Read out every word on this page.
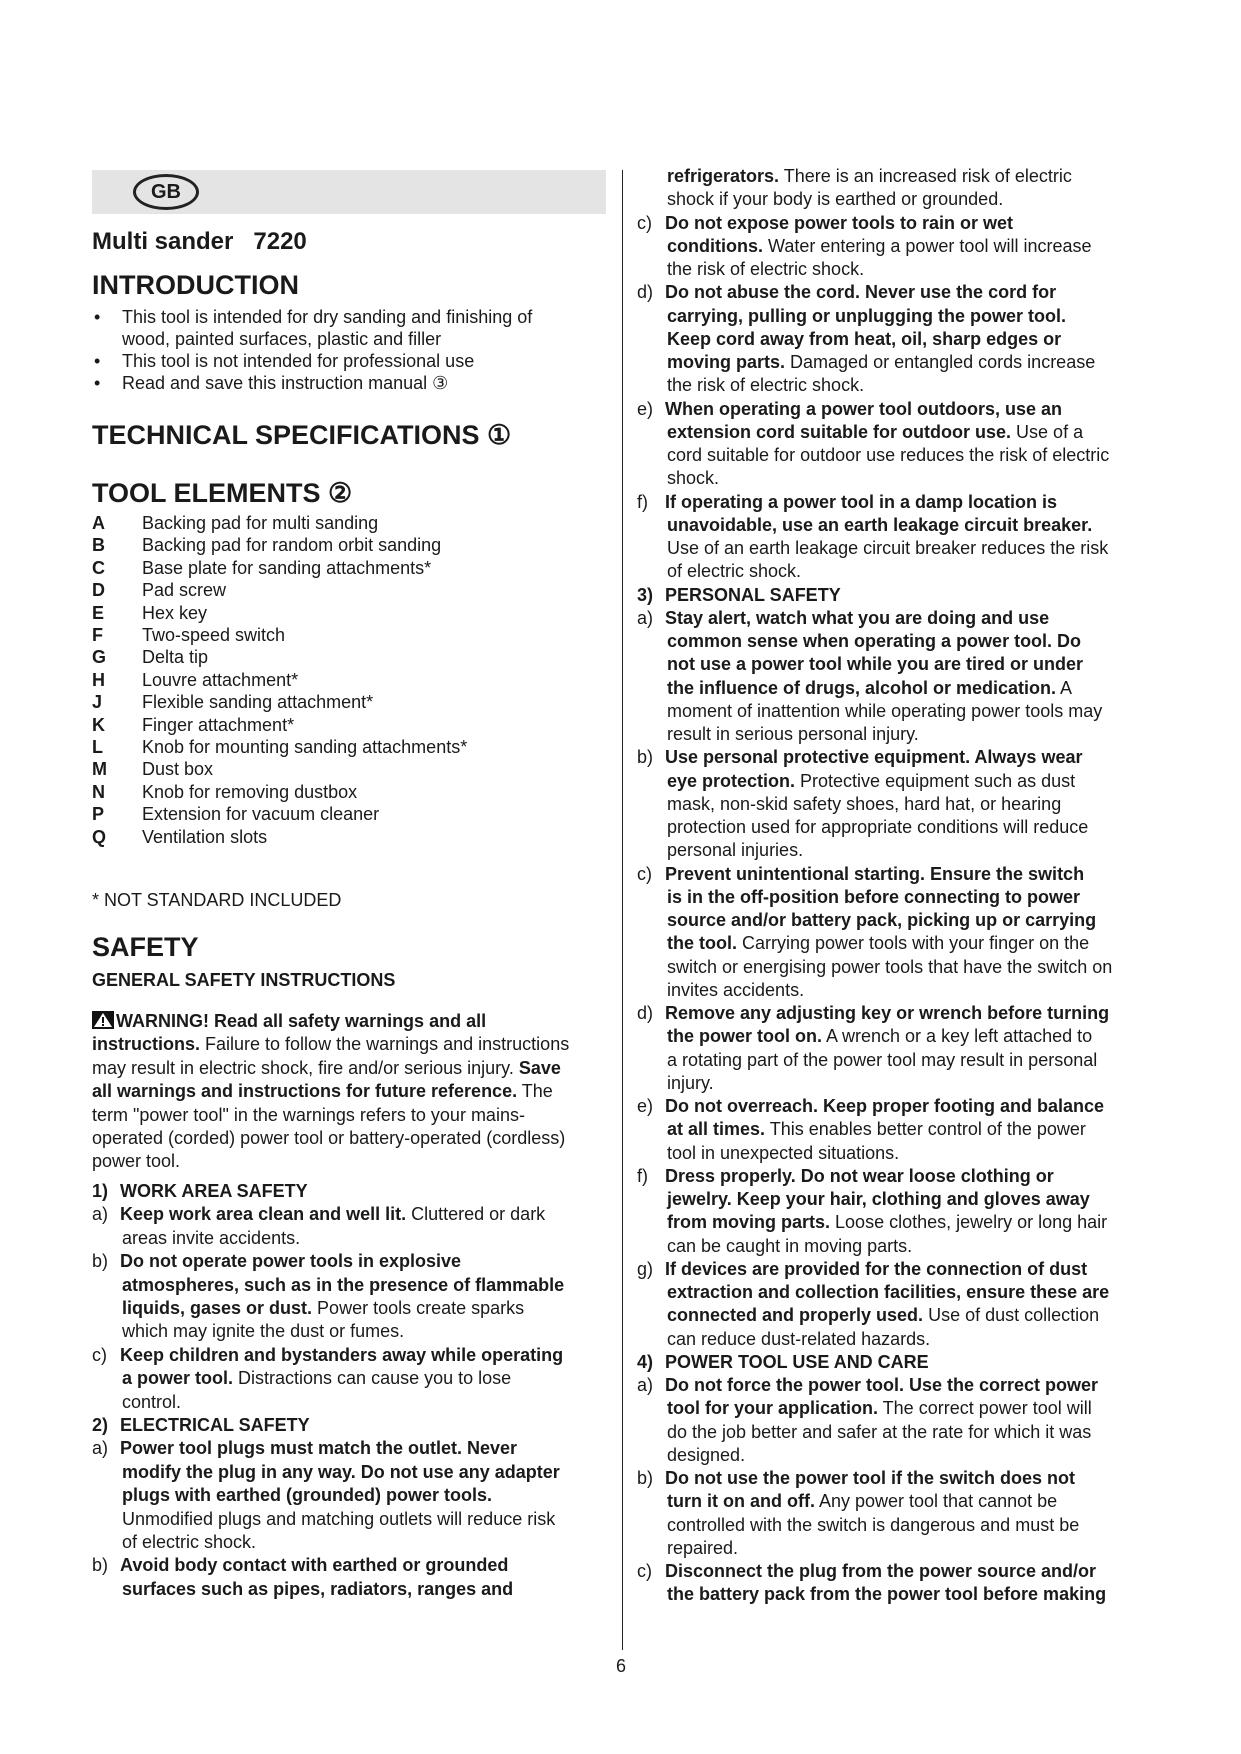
GB
Multi sander 7220
INTRODUCTION
• This tool is intended for dry sanding and finishing of
wood, painted surfaces, plastic and filler
• This tool is not intended for professional use
• Read and save this instruction manual ③
TECHNICAL SPECIFICATIONS ①
TOOL ELEMENTS ②
A	Backing pad for multi sanding
B	Backing pad for random orbit sanding
C	Base plate for sanding attachments*
D	Pad screw
E	Hex key
F	Two-speed switch
G	Delta tip
H	Louvre attachment*
J	Flexible sanding attachment*
K	Finger attachment*
L	Knob for mounting sanding attachments*
M	Dust box
N	Knob for removing dustbox
P	Extension for vacuum cleaner
Q	Ventilation slots
* NOT STANDARD INCLUDED
SAFETY
GENERAL SAFETY INSTRUCTIONS
WARNING! Read all safety warnings and all
instructions. Failure to follow the warnings and instructions
may result in electric shock, fire and/or serious injury. Save
all warnings and instructions for future reference. The
term "power tool" in the warnings refers to your mains-
operated (corded) power tool or battery-operated (cordless)
power tool.
1) WORK AREA SAFETY
a) Keep work area clean and well lit. Cluttered or dark
areas invite accidents.
b) Do not operate power tools in explosive
atmospheres, such as in the presence of flammable
liquids, gases or dust. Power tools create sparks
which may ignite the dust or fumes.
c) Keep children and bystanders away while operating
a power tool. Distractions can cause you to lose
control.
2) ELECTRICAL SAFETY
a) Power tool plugs must match the outlet. Never
modify the plug in any way. Do not use any adapter
plugs with earthed (grounded) power tools.
Unmodified plugs and matching outlets will reduce risk
of electric shock.
b) Avoid body contact with earthed or grounded
surfaces such as pipes, radiators, ranges and
refrigerators. There is an increased risk of electric
shock if your body is earthed or grounded.
c) Do not expose power tools to rain or wet
conditions. Water entering a power tool will increase
the risk of electric shock.
d) Do not abuse the cord. Never use the cord for
carrying, pulling or unplugging the power tool.
Keep cord away from heat, oil, sharp edges or
moving parts. Damaged or entangled cords increase
the risk of electric shock.
e) When operating a power tool outdoors, use an
extension cord suitable for outdoor use. Use of a
cord suitable for outdoor use reduces the risk of electric
shock.
f) If operating a power tool in a damp location is
unavoidable, use an earth leakage circuit breaker.
Use of an earth leakage circuit breaker reduces the risk
of electric shock.
3) PERSONAL SAFETY
a) Stay alert, watch what you are doing and use
common sense when operating a power tool. Do
not use a power tool while you are tired or under
the influence of drugs, alcohol or medication. A
moment of inattention while operating power tools may
result in serious personal injury.
b) Use personal protective equipment. Always wear
eye protection. Protective equipment such as dust
mask, non-skid safety shoes, hard hat, or hearing
protection used for appropriate conditions will reduce
personal injuries.
c) Prevent unintentional starting. Ensure the switch
is in the off-position before connecting to power
source and/or battery pack, picking up or carrying
the tool. Carrying power tools with your finger on the
switch or energising power tools that have the switch on
invites accidents.
d) Remove any adjusting key or wrench before turning
the power tool on. A wrench or a key left attached to
a rotating part of the power tool may result in personal
injury.
e) Do not overreach. Keep proper footing and balance
at all times. This enables better control of the power
tool in unexpected situations.
f) Dress properly. Do not wear loose clothing or
jewelry. Keep your hair, clothing and gloves away
from moving parts. Loose clothes, jewelry or long hair
can be caught in moving parts.
g) If devices are provided for the connection of dust
extraction and collection facilities, ensure these are
connected and properly used. Use of dust collection
can reduce dust-related hazards.
4) POWER TOOL USE AND CARE
a) Do not force the power tool. Use the correct power
tool for your application. The correct power tool will
do the job better and safer at the rate for which it was
designed.
b) Do not use the power tool if the switch does not
turn it on and off. Any power tool that cannot be
controlled with the switch is dangerous and must be
repaired.
c) Disconnect the plug from the power source and/or
the battery pack from the power tool before making
6
